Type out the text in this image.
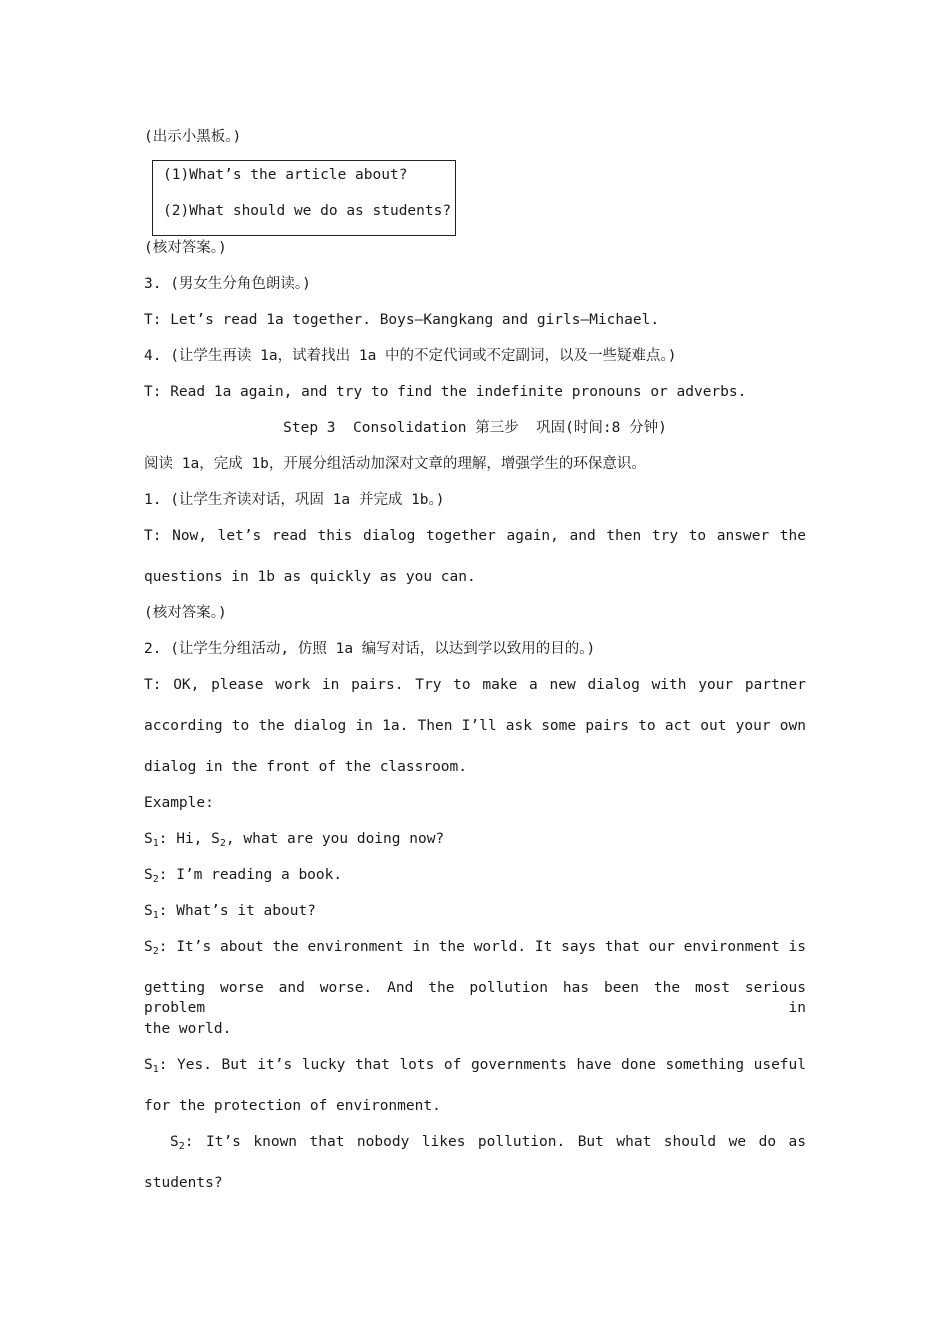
(出示小黑板。)
(1)What’s the article about?
(2)What should we do as students?
(核对答案。)
3. (男女生分角色朗读。)
T: Let’s read 1a together. Boys—Kangkang and girls—Michael.
4. (让学生再读 1a，试着找出 1a 中的不定代词或不定副词，以及一些疑难点。)
T: Read 1a again, and try to find the indefinite pronouns or adverbs.
Step 3  Consolidation 第三步  巩固(时间:8 分钟)
阅读 1a，完成 1b，开展分组活动加深对文章的理解，增强学生的环保意识。
1. (让学生齐读对话，巩固 1a 并完成 1b。)
T: Now, let’s read this dialog together again, and then try to answer the
questions in 1b as quickly as you can.
(核对答案。)
2. (让学生分组活动, 仿照 1a 编写对话，以达到学以致用的目的。)
T: OK, please work in pairs. Try to make a new dialog with your partner
according to the dialog in 1a. Then I’ll ask some pairs to act out your own
dialog in the front of the classroom.
Example:
$S_1$: Hi, $S_2$, what are you doing now?
$S_2$: I’m reading a book.
$S_1$: What’s it about?
$S_2$: It’s about the environment in the world. It says that our environment is
getting worse and worse. And the pollution has been the most serious problem in
the world.
$S_1$: Yes. But it’s lucky that lots of governments have done something useful
for the protection of environment.
$S_2$: It’s known that nobody likes pollution. But what should we do as
students?
